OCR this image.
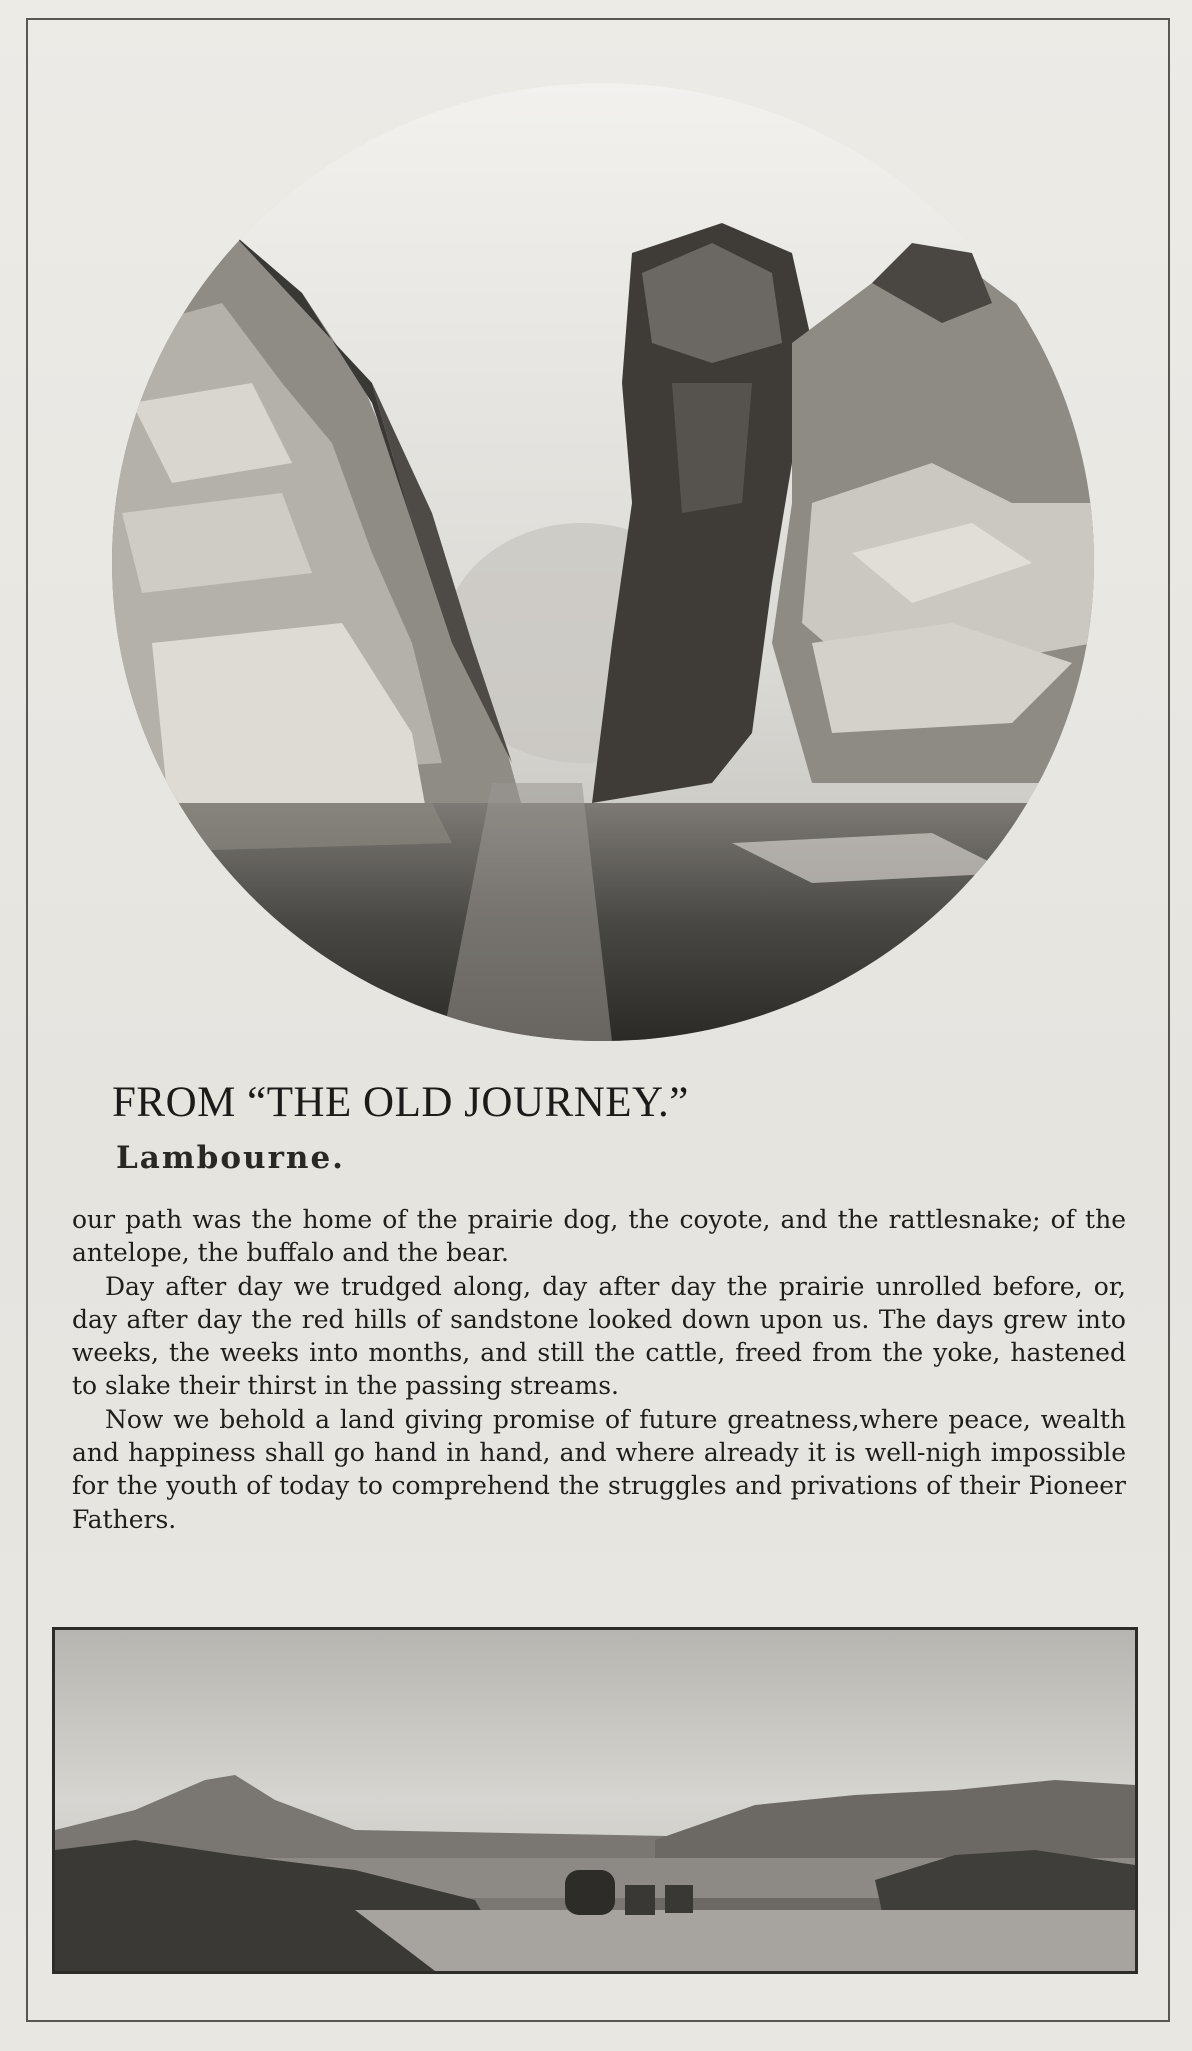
FROM “THE OLD JOURNEY.”
Lambourne.

our path was the home of the prairie dog, the coyote, and the rattlesnake; of the antelope, the buffalo and the bear.

Day after day we trudged along, day after day the prairie unrolled before, or, day after day the red hills of sandstone looked down upon us. The days grew into weeks, the weeks into months, and still the cattle, freed from the yoke, hastened to slake their thirst in the passing streams.

Now we behold a land giving promise of future greatness,where peace, wealth and happiness shall go hand in hand, and where already it is well-nigh impossible for the youth of today to comprehend the struggles and privations of their Pioneer Fathers.
